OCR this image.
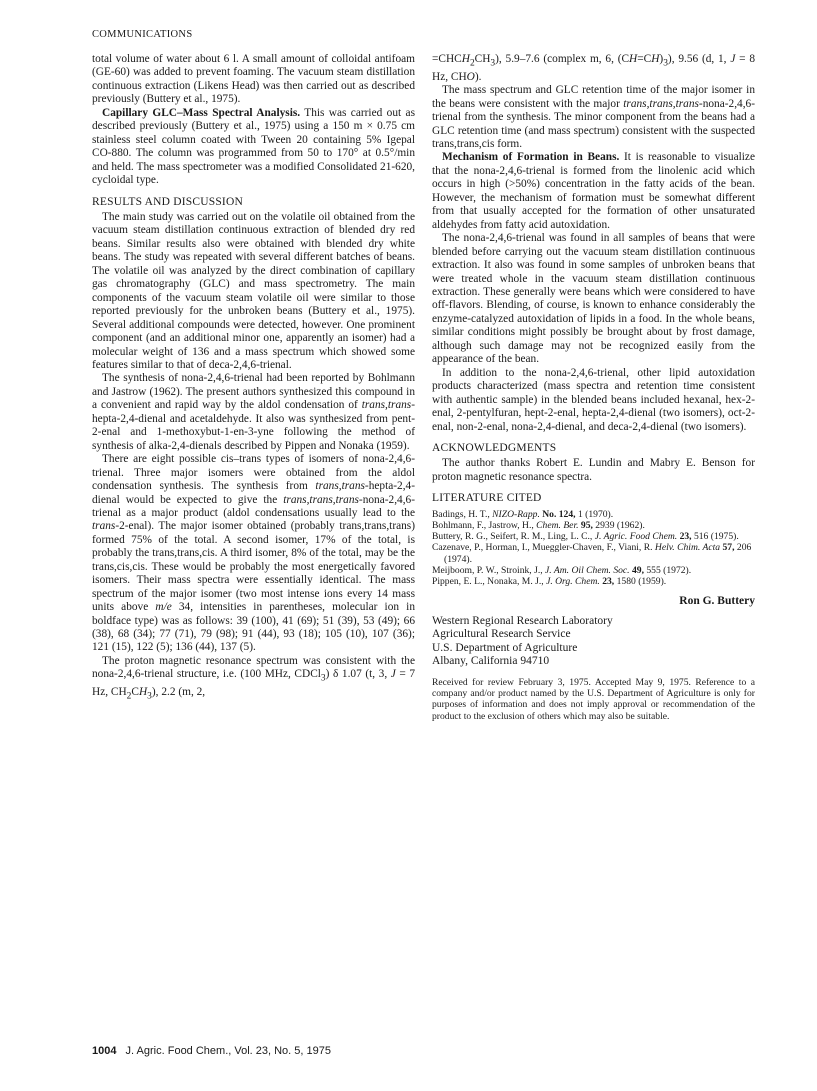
COMMUNICATIONS

total volume of water about 6 l. A small amount of colloidal antifoam (GE-60) was added to prevent foaming. The vacuum steam distillation continuous extraction (Likens Head) was then carried out as described previously (Buttery et al., 1975).

Capillary GLC–Mass Spectral Analysis. This was carried out as described previously (Buttery et al., 1975) using a 150 m × 0.75 cm stainless steel column coated with Tween 20 containing 5% Igepal CO-880. The column was programmed from 50 to 170° at 0.5°/min and held. The mass spectrometer was a modified Consolidated 21-620, cycloidal type.

RESULTS AND DISCUSSION

The main study was carried out on the volatile oil obtained from the vacuum steam distillation continuous extraction of blended dry red beans. Similar results also were obtained with blended dry white beans. The study was repeated with several different batches of beans. The volatile oil was analyzed by the direct combination of capillary gas chromatography (GLC) and mass spectrometry. The main components of the vacuum steam volatile oil were similar to those reported previously for the unbroken beans (Buttery et al., 1975). Several additional compounds were detected, however. One prominent component (and an additional minor one, apparently an isomer) had a molecular weight of 136 and a mass spectrum which showed some features similar to that of deca-2,4,6-trienal.

The synthesis of nona-2,4,6-trienal had been reported by Bohlmann and Jastrow (1962). The present authors synthesized this compound in a convenient and rapid way by the aldol condensation of trans,trans-hepta-2,4-dienal and acetaldehyde. It also was synthesized from pent-2-enal and 1-methoxybut-1-en-3-yne following the method of synthesis of alka-2,4-dienals described by Pippen and Nonaka (1959).

There are eight possible cis–trans types of isomers of nona-2,4,6-trienal. Three major isomers were obtained from the aldol condensation synthesis. The synthesis from trans,trans-hepta-2,4-dienal would be expected to give the trans,trans,trans-nona-2,4,6-trienal as a major product (aldol condensations usually lead to the trans-2-enal). The major isomer obtained (probably trans,trans,trans) formed 75% of the total. A second isomer, 17% of the total, is probably the trans,trans,cis. A third isomer, 8% of the total, may be the trans,cis,cis. These would be probably the most energetically favored isomers. Their mass spectra were essentially identical. The mass spectrum of the major isomer (two most intense ions every 14 mass units above m/e 34, intensities in parentheses, molecular ion in boldface type) was as follows: 39 (100), 41 (69); 51 (39), 53 (49); 66 (38), 68 (34); 77 (71), 79 (98); 91 (44), 93 (18); 105 (10), 107 (36); 121 (15), 122 (5); 136 (44), 137 (5).

The proton magnetic resonance spectrum was consistent with the nona-2,4,6-trienal structure, i.e. (100 MHz, CDCl$_3$) δ 1.07 (t, 3, J = 7 Hz, $CH_2CH_3$), 2.2 (m, 2,

$=CHCH_2CH_3$), 5.9–7.6 (complex m, 6, $(CH=CH)_3$), 9.56 (d, 1, J = 8 Hz, CHO).

The mass spectrum and GLC retention time of the major isomer in the beans were consistent with the major trans,trans,trans-nona-2,4,6-trienal from the synthesis. The minor component from the beans had a GLC retention time (and mass spectrum) consistent with the suspected trans,trans,cis form.

Mechanism of Formation in Beans. It is reasonable to visualize that the nona-2,4,6-trienal is formed from the linolenic acid which occurs in high (>50%) concentration in the fatty acids of the bean. However, the mechanism of formation must be somewhat different from that usually accepted for the formation of other unsaturated aldehydes from fatty acid autoxidation.

The nona-2,4,6-trienal was found in all samples of beans that were blended before carrying out the vacuum steam distillation continuous extraction. It also was found in some samples of unbroken beans that were treated whole in the vacuum steam distillation continuous extraction. These generally were beans which were considered to have off-flavors. Blending, of course, is known to enhance considerably the enzyme-catalyzed autoxidation of lipids in a food. In the whole beans, similar conditions might possibly be brought about by frost damage, although such damage may not be recognized easily from the appearance of the bean.

In addition to the nona-2,4,6-trienal, other lipid autoxidation products characterized (mass spectra and retention time consistent with authentic sample) in the blended beans included hexanal, hex-2-enal, 2-pentylfuran, hept-2-enal, hepta-2,4-dienal (two isomers), oct-2-enal, non-2-enal, nona-2,4-dienal, and deca-2,4-dienal (two isomers).

ACKNOWLEDGMENTS

The author thanks Robert E. Lundin and Mabry E. Benson for proton magnetic resonance spectra.

LITERATURE CITED
Badings, H. T., NIZO-Rapp. No. 124, 1 (1970).
Bohlmann, F., Jastrow, H., Chem. Ber. 95, 2939 (1962).
Buttery, R. G., Seifert, R. M., Ling, L. C., J. Agric. Food Chem. 23, 516 (1975).
Cazenave, P., Horman, I., Mueggler-Chaven, F., Viani, R. Helv. Chim. Acta 57, 206 (1974).
Meijboom, P. W., Stroink, J., J. Am. Oil Chem. Soc. 49, 555 (1972).
Pippen, E. L., Nonaka, M. J., J. Org. Chem. 23, 1580 (1959).
Ron G. Buttery
Western Regional Research Laboratory
Agricultural Research Service
U.S. Department of Agriculture
Albany, California 94710
Received for review February 3, 1975. Accepted May 9, 1975. Reference to a company and/or product named by the U.S. Department of Agriculture is only for purposes of information and does not imply approval or recommendation of the product to the exclusion of others which may also be suitable.
1004 J. Agric. Food Chem., Vol. 23, No. 5, 1975
